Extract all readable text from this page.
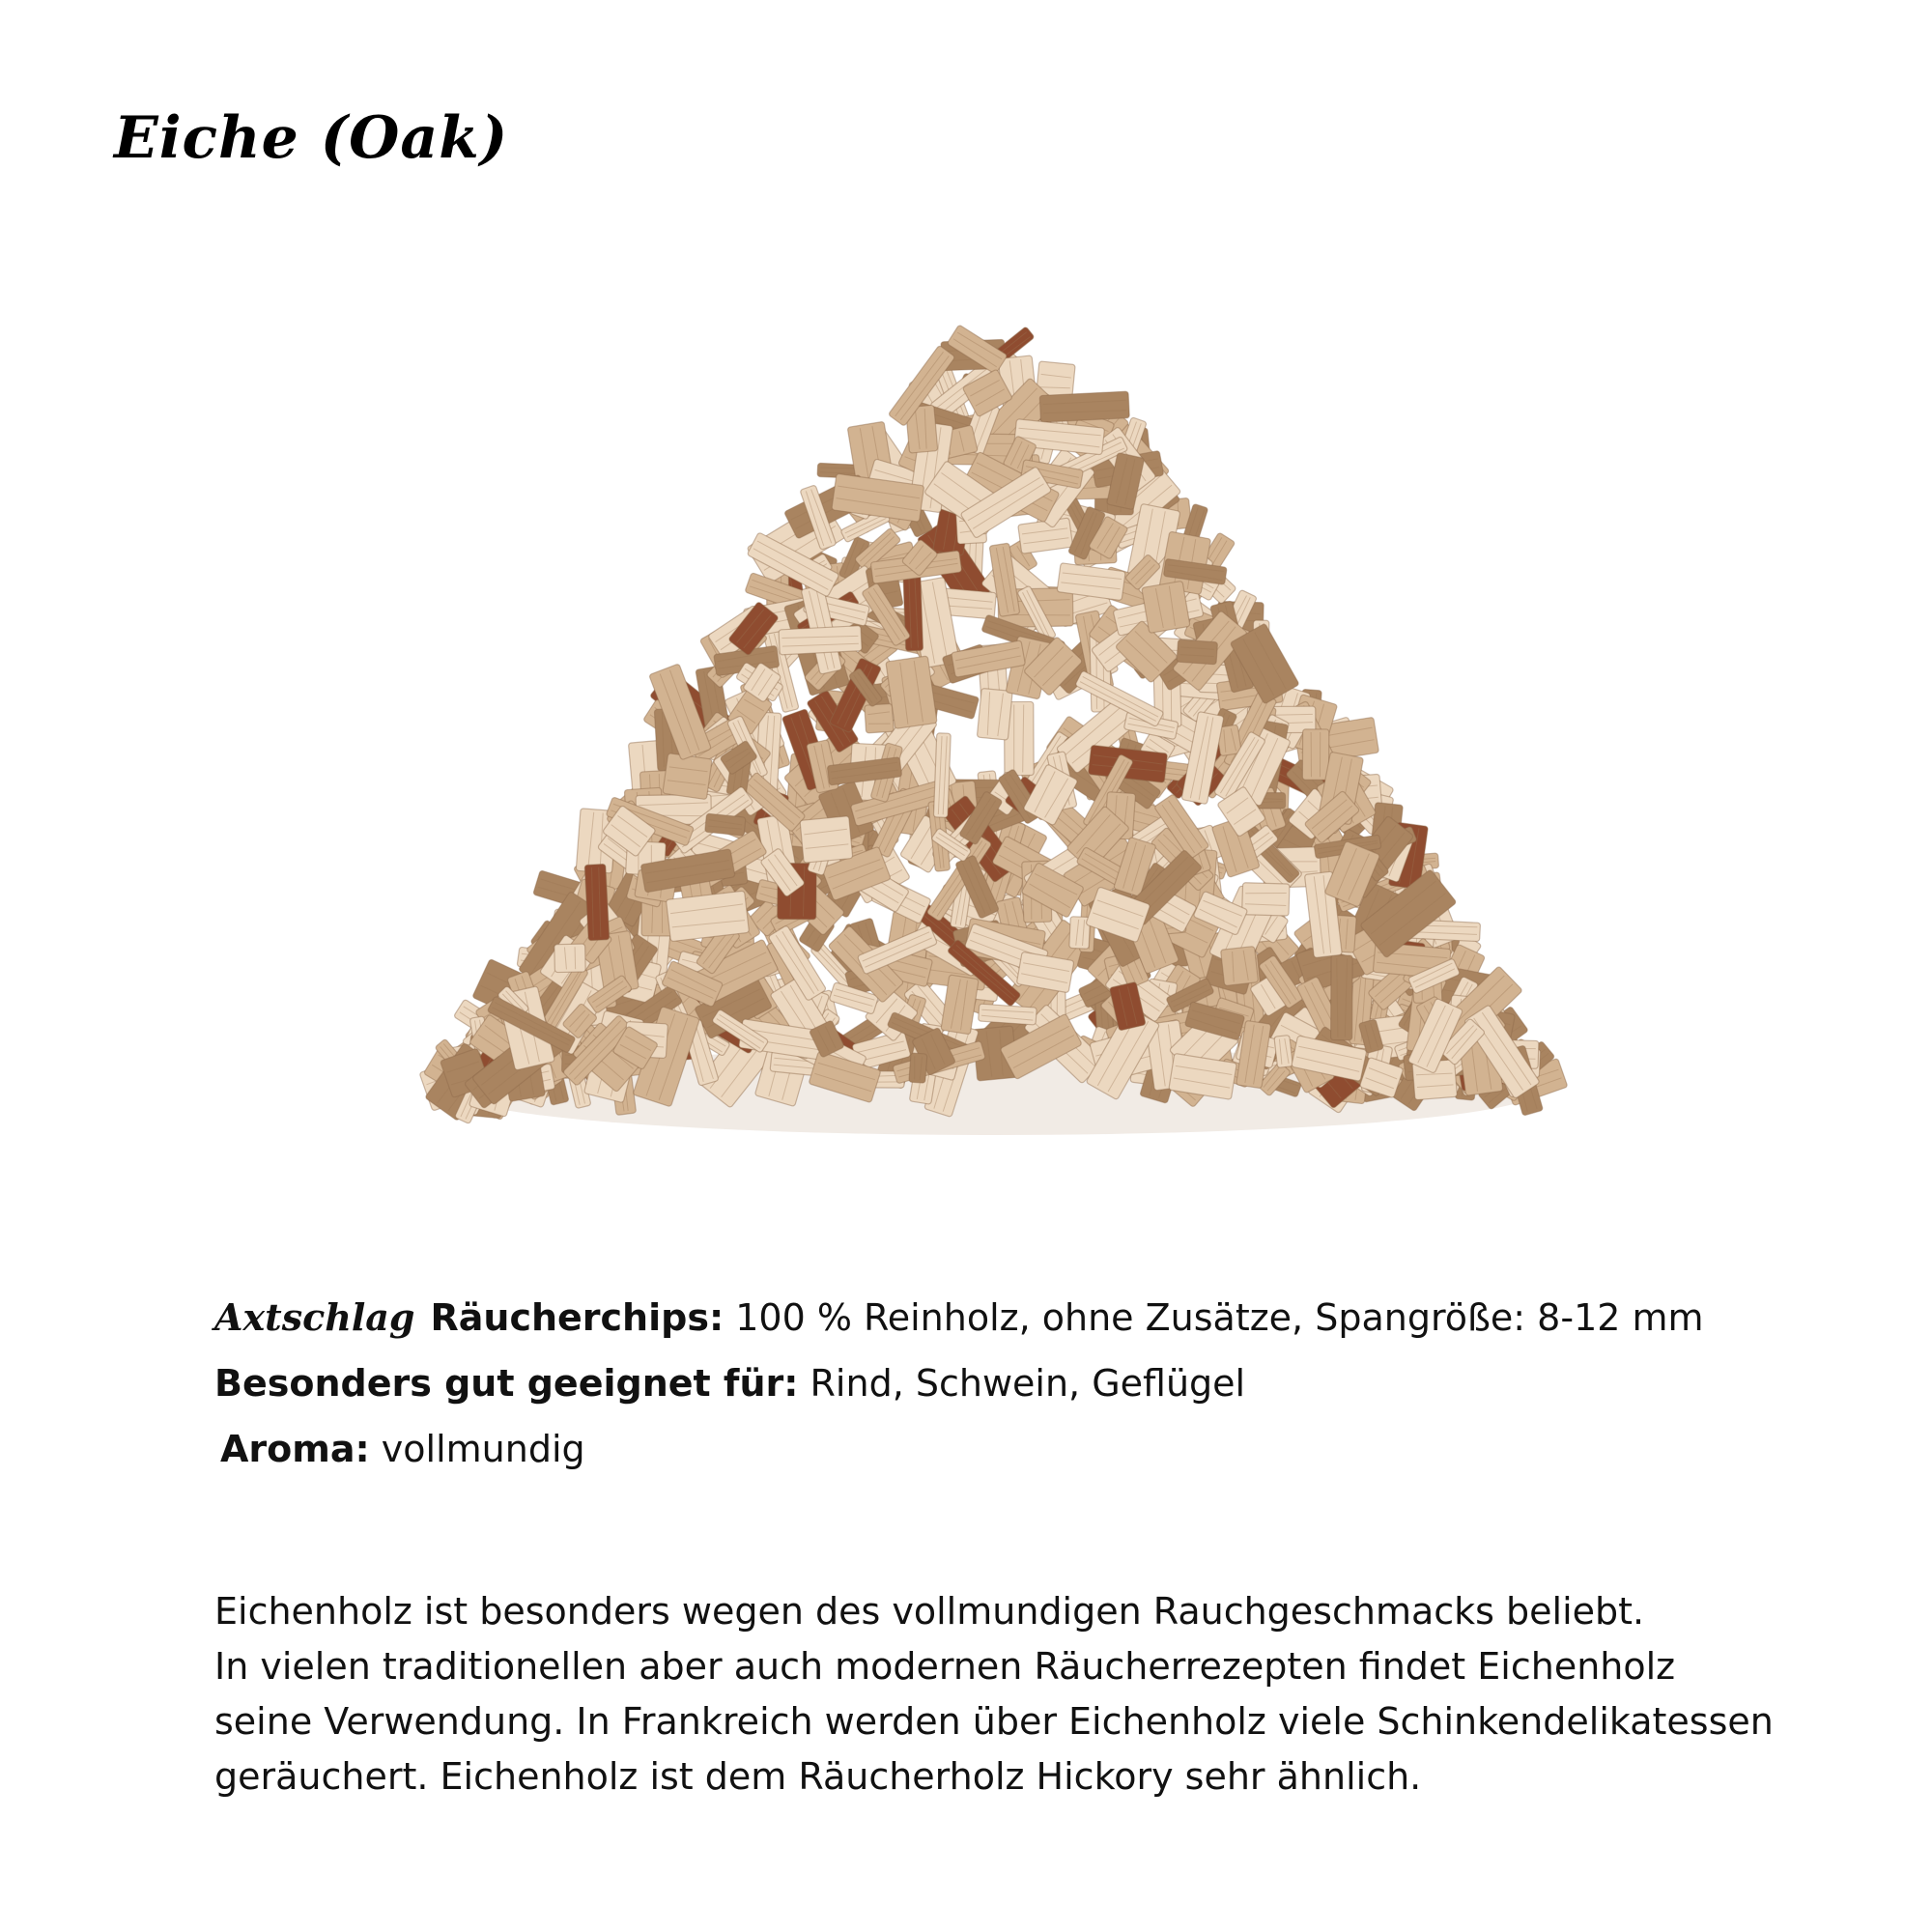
Eiche (Oak)
Axtschlag Räucherchips: 100 % Reinholz, ohne Zusätze, Spangröße: 8-12 mm
Besonders gut geeignet für: Rind, Schwein, Geflügel
Aroma: vollmundig
Eichenholz ist besonders wegen des vollmundigen Rauchgeschmacks beliebt.
In vielen traditionellen aber auch modernen Räucherrezepten findet Eichenholz
seine Verwendung. In Frankreich werden über Eichenholz viele Schinkendelikatessen
geräuchert. Eichenholz ist dem Räucherholz Hickory sehr ähnlich.
